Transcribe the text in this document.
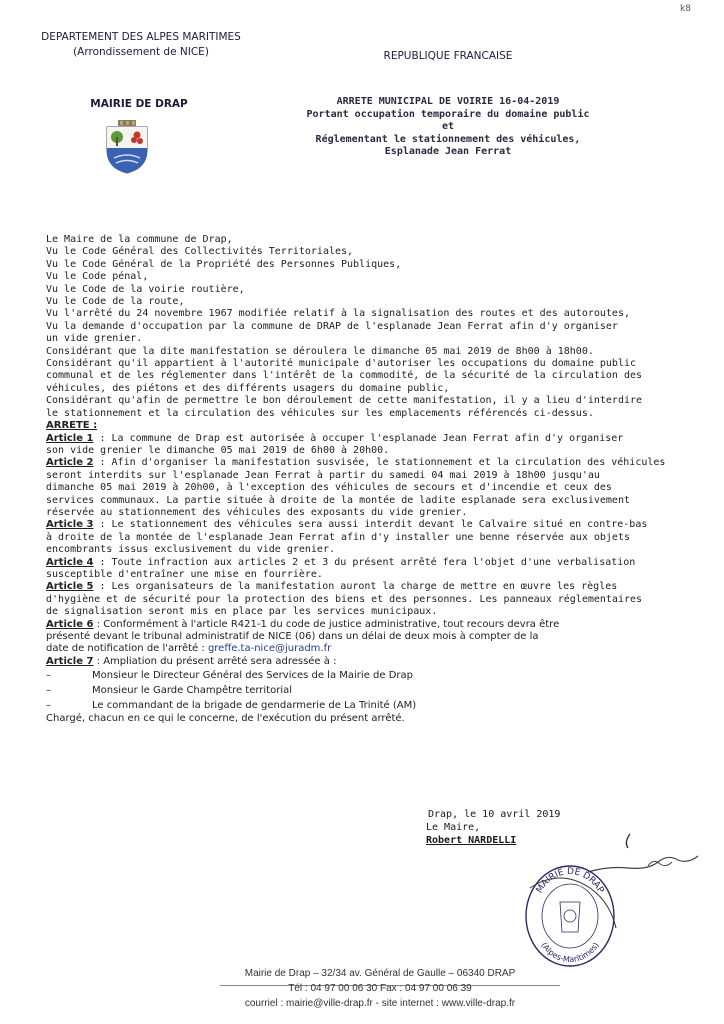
k8
DEPARTEMENT DES ALPES MARITIMES
(Arrondissement de NICE)	REPUBLIQUE FRANCAISE
MAIRIE DE DRAP	ARRETE MUNICIPAL DE VOIRIE 16-04-2019
Portant occupation temporaire du domaine public
et
Réglementant le stationnement des véhicules,
Esplanade Jean Ferrat
Le Maire de la commune de Drap,
Vu le Code Général des Collectivités Territoriales,
Vu le Code Général de la Propriété des Personnes Publiques,
Vu le Code pénal,
Vu le Code de la voirie routière,
Vu le Code de la route,
Vu l'arrêté du 24 novembre 1967 modifiée relatif à la signalisation des routes et des autoroutes,
Vu la demande d'occupation par la commune de DRAP de l'esplanade Jean Ferrat afin d'y organiser
un vide grenier.
Considérant que la dite manifestation se déroulera le dimanche 05 mai 2019 de 8h00 à 18h00.
Considérant qu'il appartient à l'autorité municipale d'autoriser les occupations du domaine public
communal et de les réglementer dans l'intérêt de la commodité, de la sécurité de la circulation des
véhicules, des piétons et des différents usagers du domaine public,
Considérant qu'afin de permettre le bon déroulement de cette manifestation, il y a lieu d'interdire
le stationnement et la circulation des véhicules sur les emplacements référencés ci-dessus.
ARRETE :
Article 1 : La commune de Drap est autorisée à occuper l'esplanade Jean Ferrat afin d'y organiser
son vide grenier le dimanche 05 mai 2019 de 6h00 à 20h00.
Article 2 : Afin d'organiser la manifestation susvisée, le stationnement et la circulation des véhicules
seront interdits sur l'esplanade Jean Ferrat à partir du samedi 04 mai 2019 à 18h00 jusqu'au
dimanche 05 mai 2019 à 20h00, à l'exception des véhicules de secours et d'incendie et ceux des
services communaux. La partie située à droite de la montée de ladite esplanade sera exclusivement
réservée au stationnement des véhicules des exposants du vide grenier.
Article 3 : Le stationnement des véhicules sera aussi interdit devant le Calvaire situé en contre-bas
à droite de la montée de l'esplanade Jean Ferrat afin d'y installer une benne réservée aux objets
encombrants issus exclusivement du vide grenier.
Article 4 : Toute infraction aux articles 2 et 3 du présent arrêté fera l'objet d'une verbalisation
susceptible d'entraîner une mise en fourrière.
Article 5 : Les organisateurs de la manifestation auront la charge de mettre en œuvre les règles
d'hygiène et de sécurité pour la protection des biens et des personnes. Les panneaux réglementaires
de signalisation seront mis en place par les services municipaux.
Article 6 : Conformément à l'article R421-1 du code de justice administrative, tout recours devra être
présenté devant le tribunal administratif de NICE (06) dans un délai de deux mois à compter de la
date de notification de l'arrêté : greffe.ta-nice@juradm.fr
Article 7 : Ampliation du présent arrêté sera adressée à :
–	Monsieur le Directeur Général des Services de la Mairie de Drap
–	Monsieur le Garde Champêtre territorial
–	Le commandant de la brigade de gendarmerie de La Trinité (AM)
Chargé, chacun en ce qui le concerne, de l'exécution du présent arrêté.
Drap, le 10 avril 2019
Le Maire,
Robert NARDELLI
MAIRIE DE DRAP
(Alpes-Maritimes)
Mairie de Drap – 32/34 av. Général de Gaulle – 06340 DRAP
Tél : 04 97 00 06 30 Fax : 04 97 00 06 39
courriel : mairie@ville-drap.fr - site internet : www.ville-drap.fr
